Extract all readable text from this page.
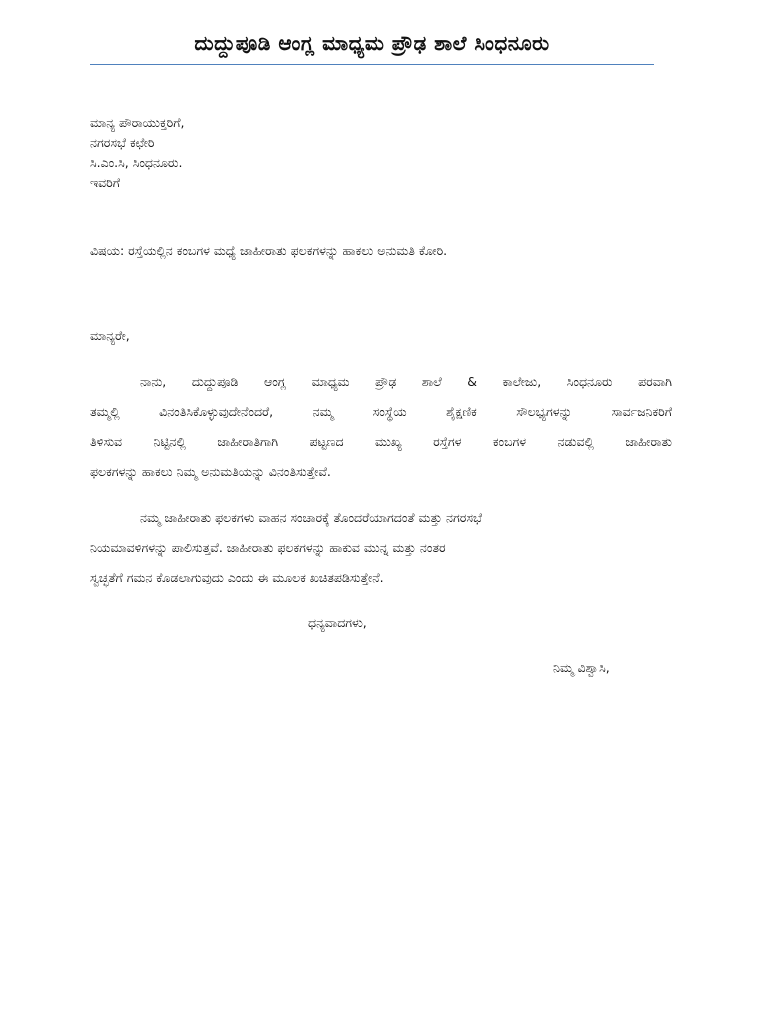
ದುದ್ದುಪೂಡಿ ಆಂಗ್ಲ ಮಾಧ್ಯಮ ಪ್ರೌಢ ಶಾಲೆ ಸಿಂಧನೂರು
ಮಾನ್ಯ ಪೌರಾಯುಕ್ತರಿಗೆ,
ನಗರಸಭೆ ಕಛೇರಿ
ಸಿ.ಎಂ.ಸಿ, ಸಿಂಧನೂರು.
ಇವರಿಗೆ
ವಿಷಯ: ರಸ್ತೆಯಲ್ಲಿನ ಕಂಬಗಳ ಮಧ್ಯೆ ಜಾಹೀರಾತು ಫಲಕಗಳನ್ನು ಹಾಕಲು ಅನುಮತಿ ಕೋರಿ.
ಮಾನ್ಯರೇ,
ನಾನು, ದುದ್ದುಪೂಡಿ ಆಂಗ್ಲ ಮಾಧ್ಯಮ ಪ್ರೌಢ ಶಾಲೆ & ಕಾಲೇಜು, ಸಿಂಧನೂರು ಪರವಾಗಿ
ತಮ್ಮಲ್ಲಿ ವಿನಂತಿಸಿಕೊಳ್ಳುವುದೇನೆಂದರೆ, ನಮ್ಮ ಸಂಸ್ಥೆಯ ಶೈಕ್ಷಣಿಕ ಸೌಲಭ್ಯಗಳನ್ನು ಸಾರ್ವಜನಿಕರಿಗೆ
ತಿಳಿಸುವ ನಿಟ್ಟಿನಲ್ಲಿ ಜಾಹೀರಾತಿಗಾಗಿ ಪಟ್ಟಣದ ಮುಖ್ಯ ರಸ್ತೆಗಳ ಕಂಬಗಳ ನಡುವಲ್ಲಿ ಜಾಹೀರಾತು
ಫಲಕಗಳನ್ನು ಹಾಕಲು ನಿಮ್ಮ ಅನುಮತಿಯನ್ನು ವಿನಂತಿಸುತ್ತೇವೆ.
ನಮ್ಮ ಜಾಹೀರಾತು ಫಲಕಗಳು ವಾಹನ ಸಂಚಾರಕ್ಕೆ ತೊಂದರೆಯಾಗದಂತೆ ಮತ್ತು ನಗರಸಭೆ
ನಿಯಮಾವಳಿಗಳನ್ನು ಪಾಲಿಸುತ್ತವೆ. ಜಾಹೀರಾತು ಫಲಕಗಳನ್ನು ಹಾಕುವ ಮುನ್ನ ಮತ್ತು ನಂತರ
ಸ್ವಚ್ಛತೆಗೆ ಗಮನ ಕೊಡಲಾಗುವುದು ಎಂದು ಈ ಮೂಲಕ ಖಚಿತಪಡಿಸುತ್ತೇನೆ.
ಧನ್ಯವಾದಗಳು,
ನಿಮ್ಮ ವಿಶ್ವಾಸಿ,
